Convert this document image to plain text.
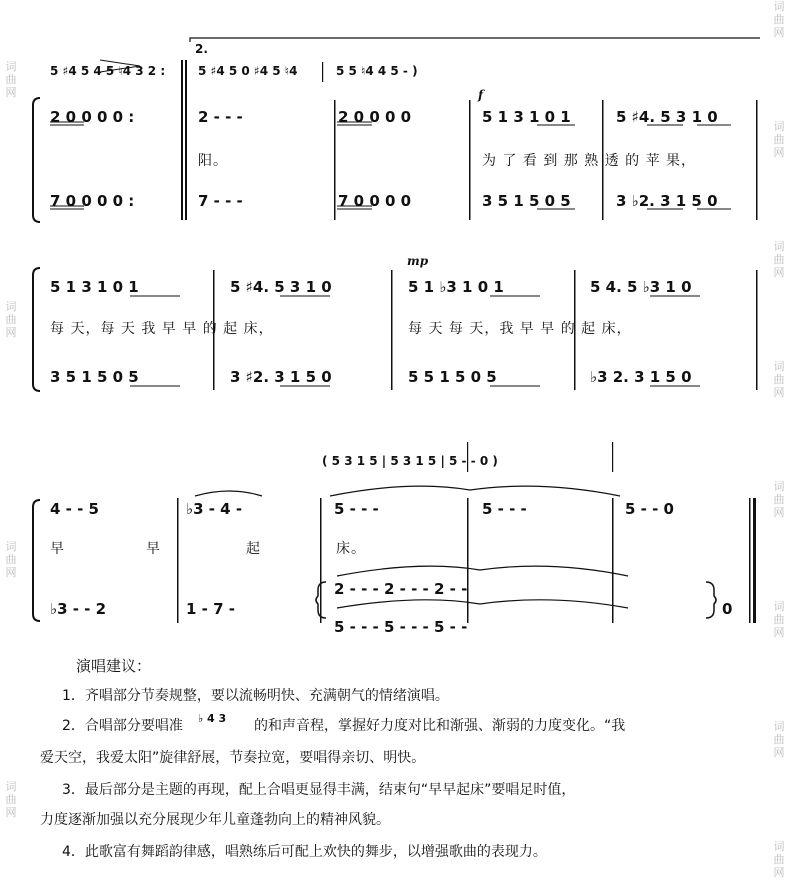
词曲网
词曲网
词曲网
词曲网
词曲网
词曲网
词曲网
词曲网
词曲网
词曲网
词曲网
词曲网
5 ♯4 5 4 5 ♮4 3 2 :
2.
5 ♯4 5 0 ♯4 5 ♮4	5 5 ♮4 4 5 - )
f
2 0 0 0 0 :	2 - - -	2 0 0 0 0	5 1 3 1 0 1	5 ♯4. 5 3 1 0
阳。	为 了 看 到 那 熟 透 的 苹 果，
7 0 0 0 0 :	7 - - -	7 0 0 0 0	3 5 1 5 0 5	3 ♭2. 3 1 5 0
mp
5 1 3 1 0 1	5 ♯4. 5 3 1 0	5 1 ♭3 1 0 1	5 4. 5 ♭3 1 0
每 天，每 天 我 早 早 的 起 床，	每 天 每 天，我 早 早 的 起 床，
3 5 1 5 0 5	3 ♯2. 3 1 5 0	5 5 1 5 0 5	♭3 2. 3 1 5 0
( 5 3 1 5 | 5 3 1 5 | 5 - - 0 )
4 - - 5	♭3 - 4 -	5 - - -	5 - - -	5 - - 0
早	早	起	床。
♭3 - - 2	1 - 7 -
2 - - - 2 - - - 2 - -
5 - - - 5 - - - 5 - -
0
演唱建议：
1．齐唱部分节奏规整，要以流畅明快、充满朝气的情绪演唱。
2．合唱部分要唱准 ♭ 4 3 的和声音程，掌握好力度对比和渐强、渐弱的力度变化。“我
爱天空，我爱太阳”旋律舒展，节奏拉宽，要唱得亲切、明快。
3．最后部分是主题的再现，配上合唱更显得丰满，结束句“早早起床”要唱足时值，
力度逐渐加强以充分展现少年儿童蓬勃向上的精神风貌。
4．此歌富有舞蹈韵律感，唱熟练后可配上欢快的舞步，以增强歌曲的表现力。
